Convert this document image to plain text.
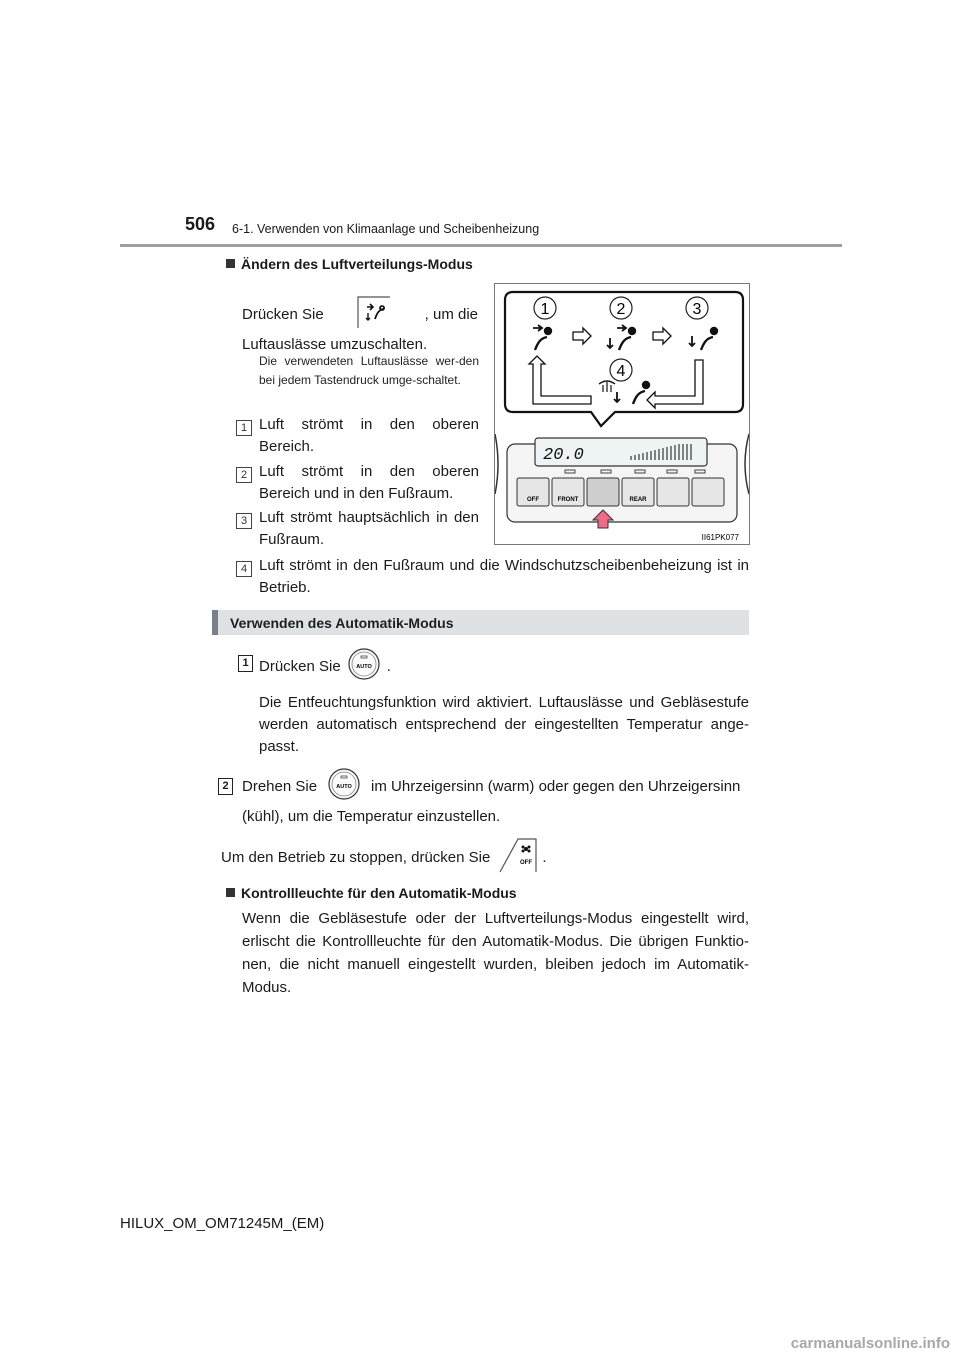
506 6-1. Verwenden von Klimaanlage und Scheibenheizung
Ändern des Luftverteilungs-Modus
Drücken Sie	, um die
Luftauslässe umzuschalten.
Die verwendeten Luftauslässe wer-den bei jedem Tastendruck umge-schaltet.
1 Luft strömt in den oberen Bereich.
2 Luft strömt in den oberen Bereich und in den Fußraum.
3 Luft strömt hauptsächlich in den Fußraum.
4 Luft strömt in den Fußraum und die Windschutzscheibenbeheizung ist in Betrieb.
1	2	3
4
20.0
OFF	FRONT	REAR
II61PK077
Verwenden des Automatik-Modus
1 Drücken Sie	AUTO .
Die Entfeuchtungsfunktion wird aktiviert. Luftauslässe und Gebläsestufe werden automatisch entsprechend der eingestellten Temperatur ange-passt.
2 Drehen Sie	AUTO im Uhrzeigersinn (warm) oder gegen den Uhrzeigersinn
(kühl), um die Temperatur einzustellen.
Um den Betrieb zu stoppen, drücken Sie	OFF .
Kontrollleuchte für den Automatik-Modus
Wenn die Gebläsestufe oder der Luftverteilungs-Modus eingestellt wird, erlischt die Kontrollleuchte für den Automatik-Modus. Die übrigen Funktio-nen, die nicht manuell eingestellt wurden, bleiben jedoch im Automatik-Modus.
HILUX_OM_OM71245M_(EM)
carmanualsonline.info
